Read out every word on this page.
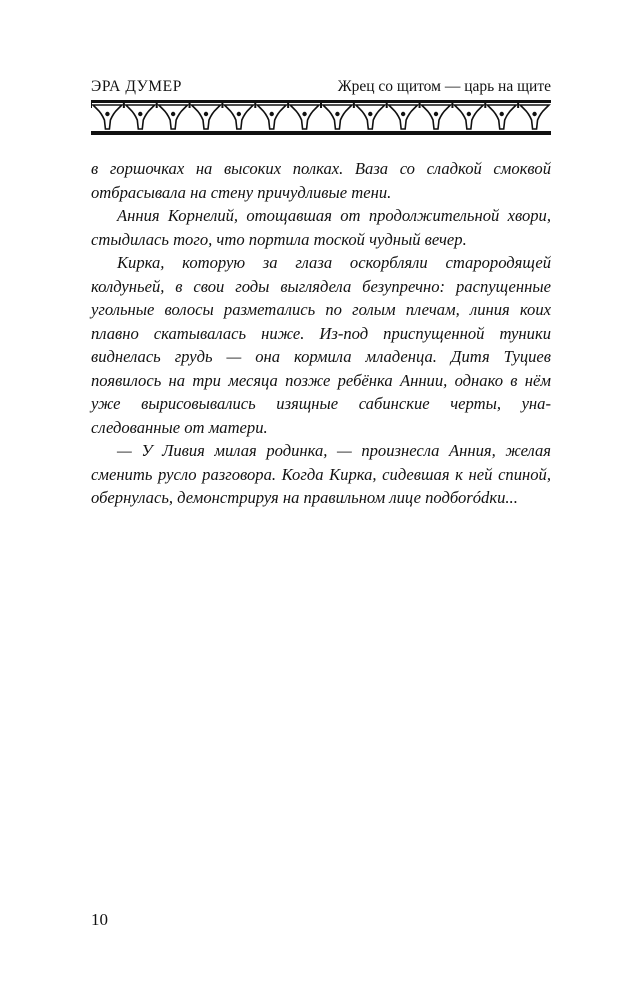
ЭРА ДУМЕР	Жрец со щитом — царь на щите

в горшочках на высоких полках. Ваза со сладкой смоквой отбрасывала на стену причудливые тени.

Анния Корнелий, отощавшая от продолжительной хвори, стыдилась того, что портила тоской чудный вечер.

Кирка, которую за глаза оскорбляли старородящей колдуньей, в свои годы выглядела безупречно: распущенные угольные волосы разметались по голым плечам, линия коих плавно скатывалась ниже. Из-под приспущенной туники виднелась грудь — она кормила младенца. Дитя Туциев появилось на три месяца позже ребёнка Аннии, однако в нём уже вырисовывались изящные сабинские черты, унаследованные от матери.

— У Ливия милая родинка, — произнесла Анния, желая сменить русло разговора. Когда Кирка, сидевшая к ней спиной, обернулась, демонстрируя на правильном лице подбоródки...

10
